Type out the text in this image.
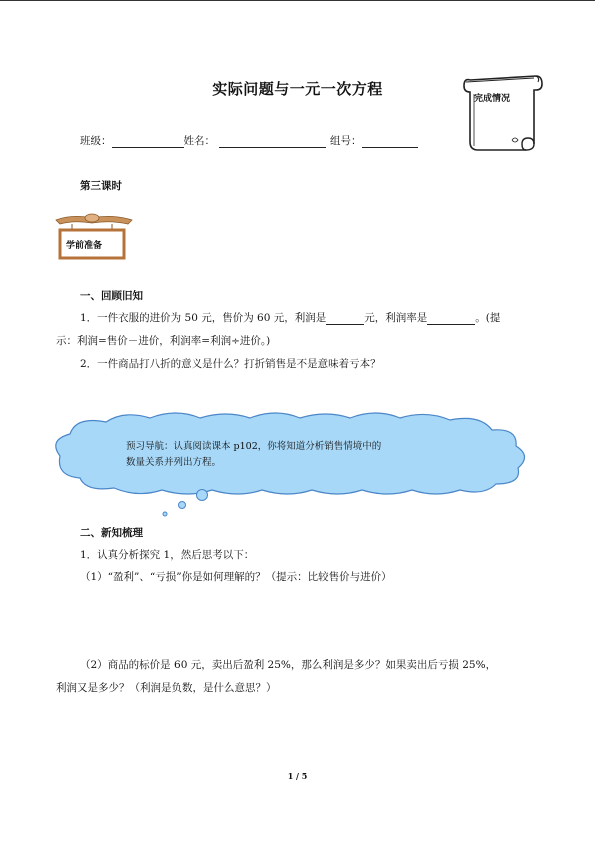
实际问题与一元一次方程
完成情况
班级：	姓名：	组号：
第三课时
学前准备
一、回顾旧知
1．一件衣服的进价为 50 元，售价为 60 元，利润是	元，利润率是	。(提
示：利润=售价－进价，利润率=利润÷进价。)
2．一件商品打八折的意义是什么？打折销售是不是意味着亏本？
预习导航：认真阅读课本 p102，你将知道分析销售情境中的
数量关系并列出方程。
二、新知梳理
1．认真分析探究 1，然后思考以下：
（1）“盈利”、“亏损”你是如何理解的？（提示：比较售价与进价）
（2）商品的标价是 60 元，卖出后盈利 25%，那么利润是多少？如果卖出后亏损 25%，
利润又是多少？（利润是负数，是什么意思？）
1 / 5
